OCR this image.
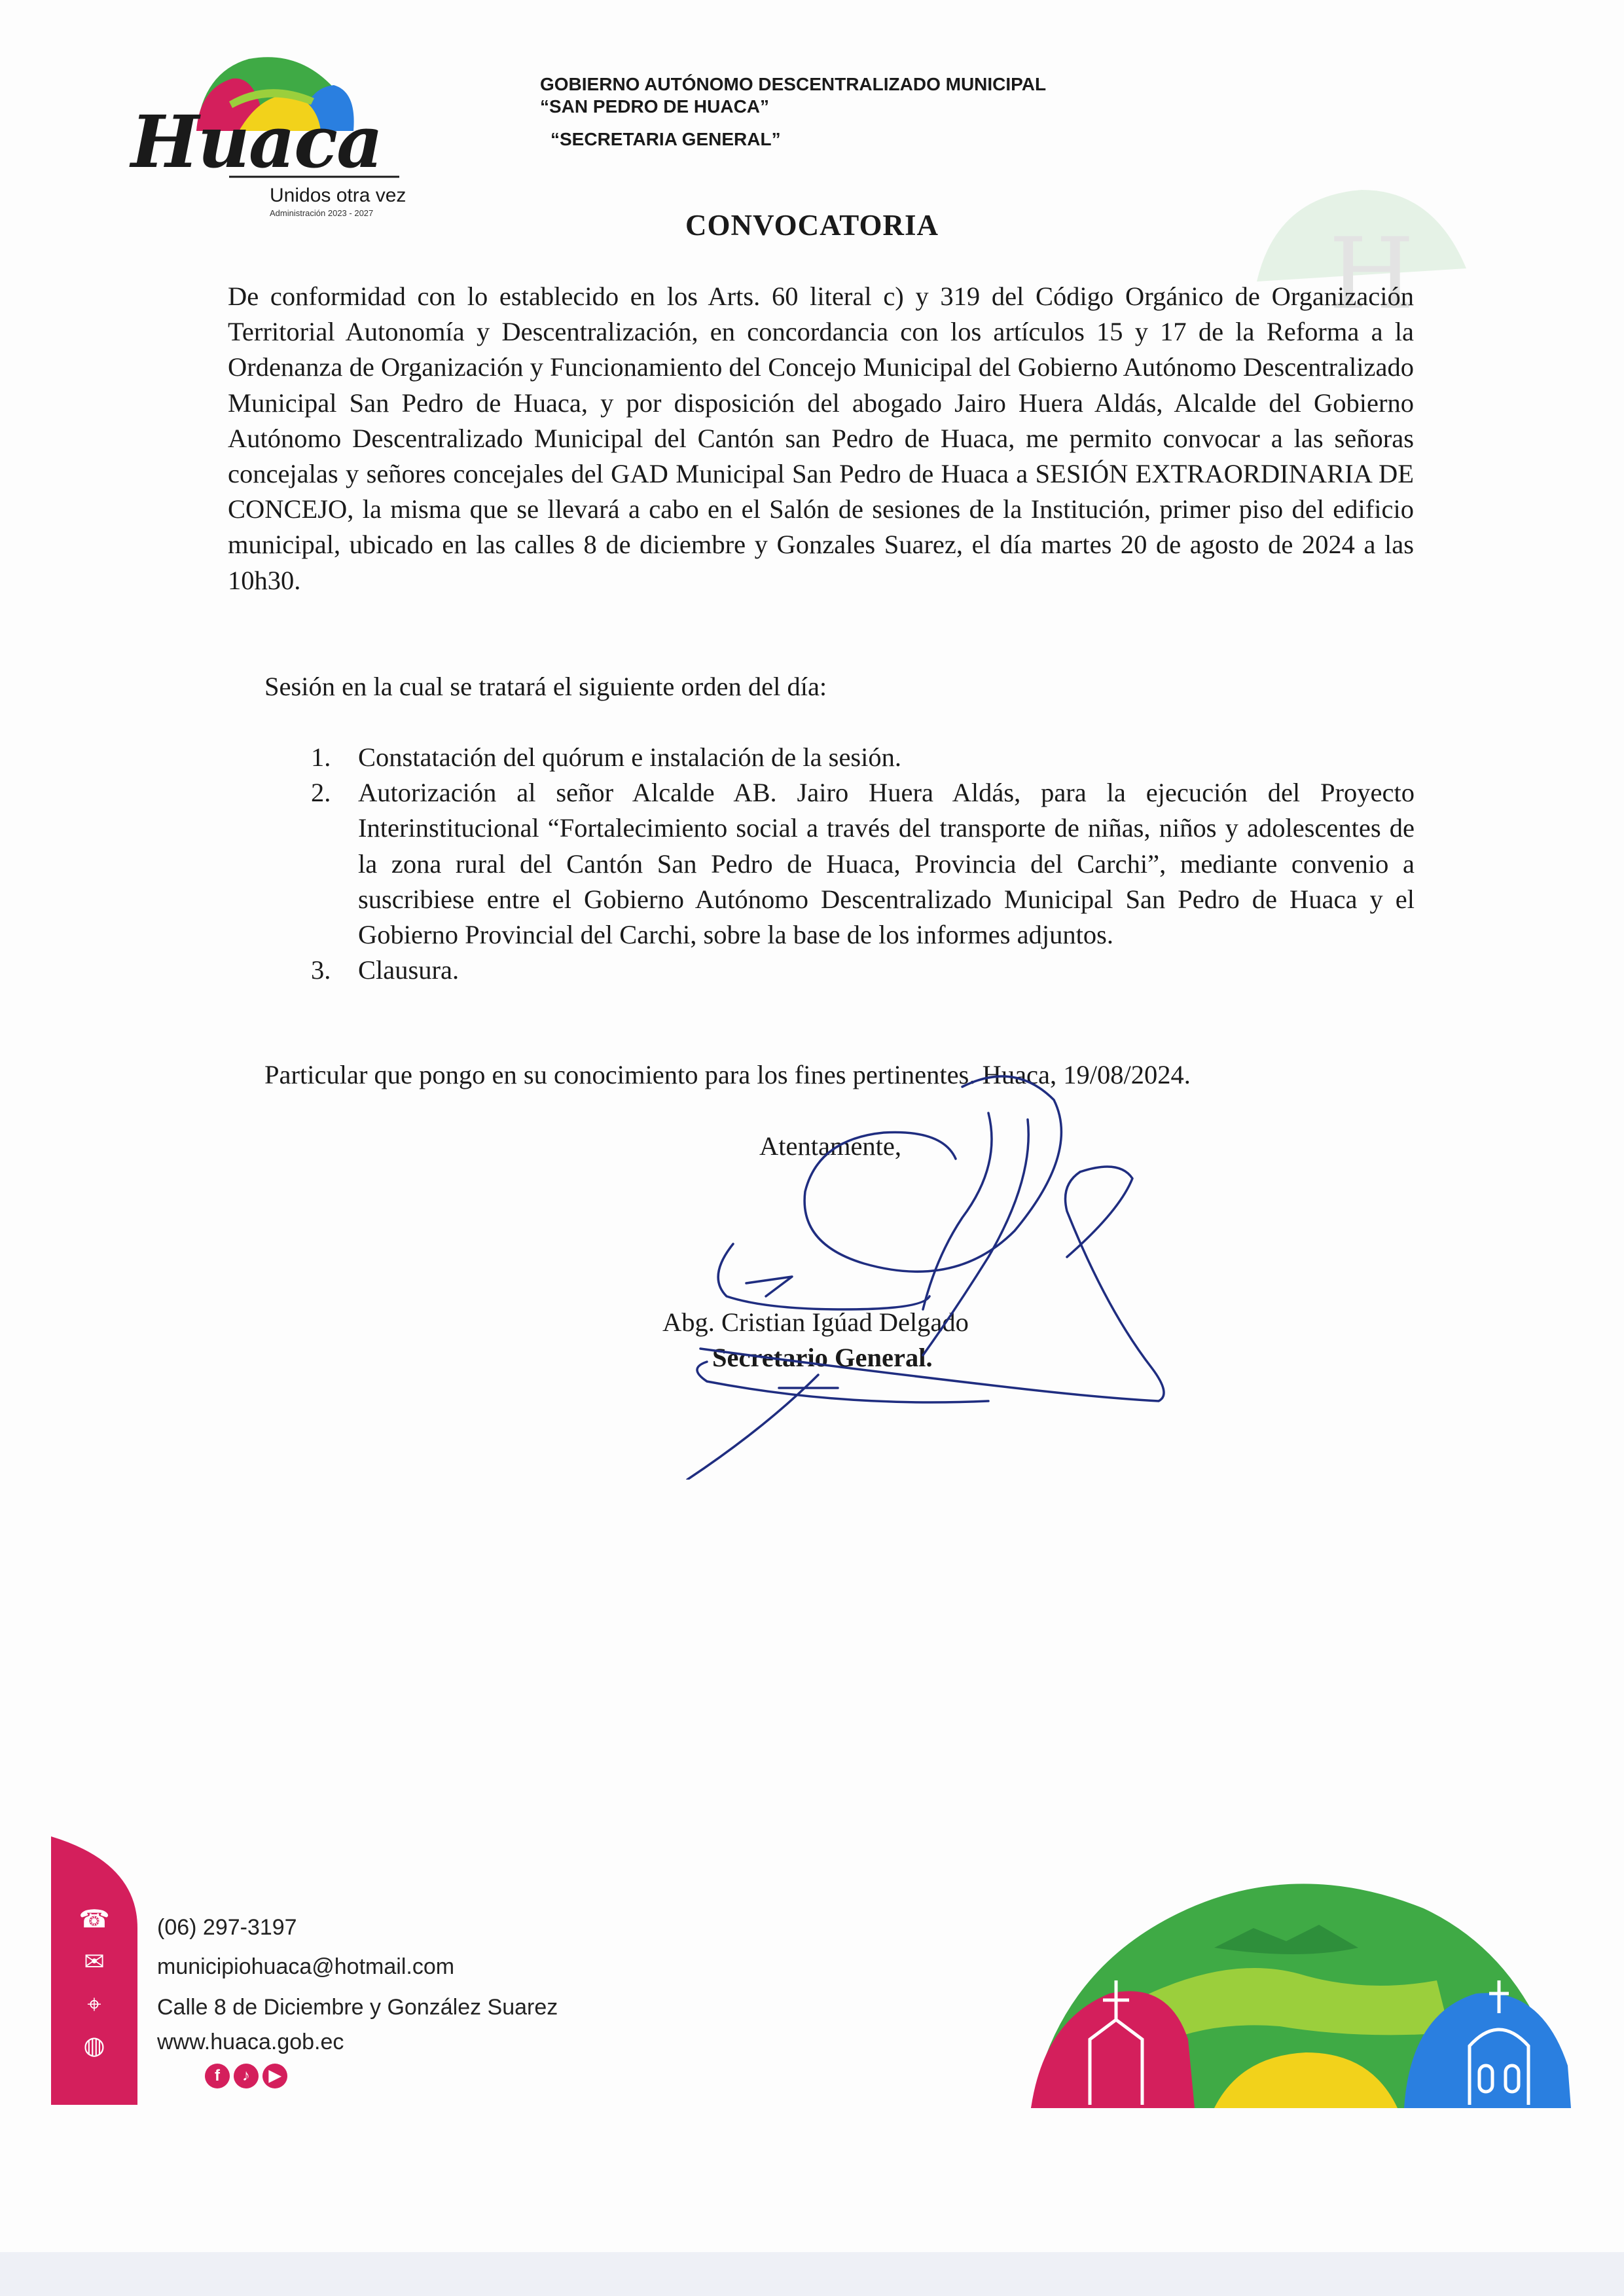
Huaca
Unidos otra vez
Administración 2023 - 2027
GOBIERNO AUTÓNOMO DESCENTRALIZADO MUNICIPAL
“SAN PEDRO DE HUACA”
“SECRETARIA GENERAL”
H
CONVOCATORIA
De conformidad con lo establecido en los Arts. 60 literal c) y 319 del Código Orgánico de Organización Territorial Autonomía y Descentralización, en concordancia con los artículos 15 y 17 de la Reforma a la Ordenanza de Organización y Funcionamiento del Concejo Municipal del Gobierno Autónomo Descentralizado Municipal San Pedro de Huaca, y por disposición del abogado Jairo Huera Aldás, Alcalde del Gobierno Autónomo Descentralizado Municipal del Cantón san Pedro de Huaca, me permito convocar a las señoras concejalas y señores concejales del GAD Municipal San Pedro de Huaca a SESIÓN EXTRAORDINARIA DE CONCEJO, la misma que se llevará a cabo en el Salón de sesiones de la Institución, primer piso del edificio municipal, ubicado en las calles 8 de diciembre y Gonzales Suarez, el día martes 20 de agosto de 2024 a las 10h30.
Sesión en la cual se tratará el siguiente orden del día:
1.	Constatación del quórum e instalación de la sesión.
2.	Autorización al señor Alcalde AB. Jairo Huera Aldás, para la ejecución del Proyecto Interinstitucional “Fortalecimiento social a través del transporte de niñas, niños y adolescentes de la zona rural del Cantón San Pedro de Huaca, Provincia del Carchi”, mediante convenio a suscribiese entre el Gobierno Autónomo Descentralizado Municipal San Pedro de Huaca y el Gobierno Provincial del Carchi, sobre la base de los informes adjuntos.
3.	Clausura.
Particular que pongo en su conocimiento para los fines pertinentes. Huaca, 19/08/2024.
Atentamente,
Abg. Cristian Igúad Delgado
Secretario General.
☎
✉
⌖
◍
(06) 297-3197
municipiohuaca@hotmail.com
Calle 8 de Diciembre y González Suarez
www.huaca.gob.ec
f ♪ ▶
